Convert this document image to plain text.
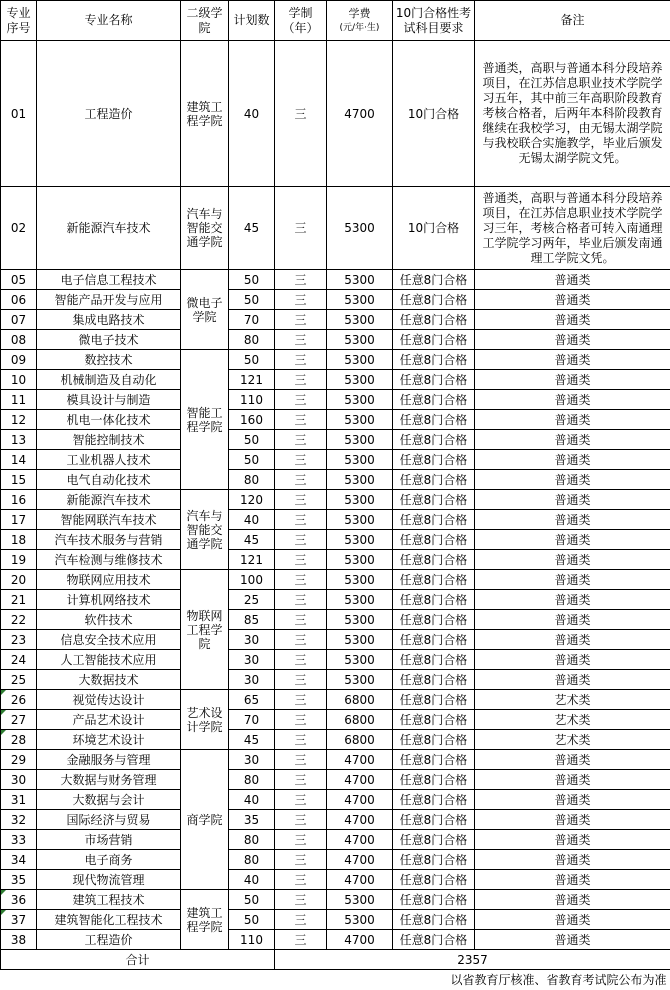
专业序号	专业名称	二级学院	计划数	学制（年）	学费
(元/年·生)	10门合格性考试科目要求	备注
01	工程造价	建筑工程学院	40	三	4700	10门合格	普通类，高职与普通本科分段培养项目，在江苏信息职业技术学院学习五年，其中前三年高职阶段教育考核合格者，后两年本科阶段教育继续在我校学习，由无锡太湖学院与我校联合实施教学，毕业后颁发无锡太湖学院文凭。
02	新能源汽车技术	汽车与智能交通学院	45	三	5300	10门合格	普通类，高职与普通本科分段培养项目，在江苏信息职业技术学院学习三年，考核合格者可转入南通理工学院学习两年，毕业后颁发南通理工学院文凭。
05	电子信息工程技术	微电子学院	50	三	5300	任意8门合格	普通类
06	智能产品开发与应用		50	三	5300	任意8门合格	普通类
07	集成电路技术		70	三	5300	任意8门合格	普通类
08	微电子技术		80	三	5300	任意8门合格	普通类
09	数控技术	智能工程学院	50	三	5300	任意8门合格	普通类
10	机械制造及自动化		121	三	5300	任意8门合格	普通类
11	模具设计与制造		110	三	5300	任意8门合格	普通类
12	机电一体化技术		160	三	5300	任意8门合格	普通类
13	智能控制技术		50	三	5300	任意8门合格	普通类
14	工业机器人技术		50	三	5300	任意8门合格	普通类
15	电气自动化技术		80	三	5300	任意8门合格	普通类
16	新能源汽车技术	汽车与智能交通学院	120	三	5300	任意8门合格	普通类
17	智能网联汽车技术		40	三	5300	任意8门合格	普通类
18	汽车技术服务与营销		45	三	5300	任意8门合格	普通类
19	汽车检测与维修技术		121	三	5300	任意8门合格	普通类
20	物联网应用技术	物联网工程学院	100	三	5300	任意8门合格	普通类
21	计算机网络技术		25	三	5300	任意8门合格	普通类
22	软件技术		85	三	5300	任意8门合格	普通类
23	信息安全技术应用		30	三	5300	任意8门合格	普通类
24	人工智能技术应用		30	三	5300	任意8门合格	普通类
25	大数据技术		30	三	5300	任意8门合格	普通类
26	视觉传达设计	艺术设计学院	65	三	6800	任意8门合格	艺术类
27	产品艺术设计		70	三	6800	任意8门合格	艺术类
28	环境艺术设计		45	三	6800	任意8门合格	艺术类
29	金融服务与管理	商学院	30	三	4700	任意8门合格	普通类
30	大数据与财务管理		80	三	4700	任意8门合格	普通类
31	大数据与会计		40	三	4700	任意8门合格	普通类
32	国际经济与贸易		35	三	4700	任意8门合格	普通类
33	市场营销		80	三	4700	任意8门合格	普通类
34	电子商务		80	三	4700	任意8门合格	普通类
35	现代物流管理		40	三	4700	任意8门合格	普通类
36	建筑工程技术	建筑工程学院	50	三	5300	任意8门合格	普通类
37	建筑智能化工程技术		50	三	5300	任意8门合格	普通类
38	工程造价		110	三	4700	任意8门合格	普通类
合计				2357			
				以省教育厅核准、省教育考试院公布为准			
